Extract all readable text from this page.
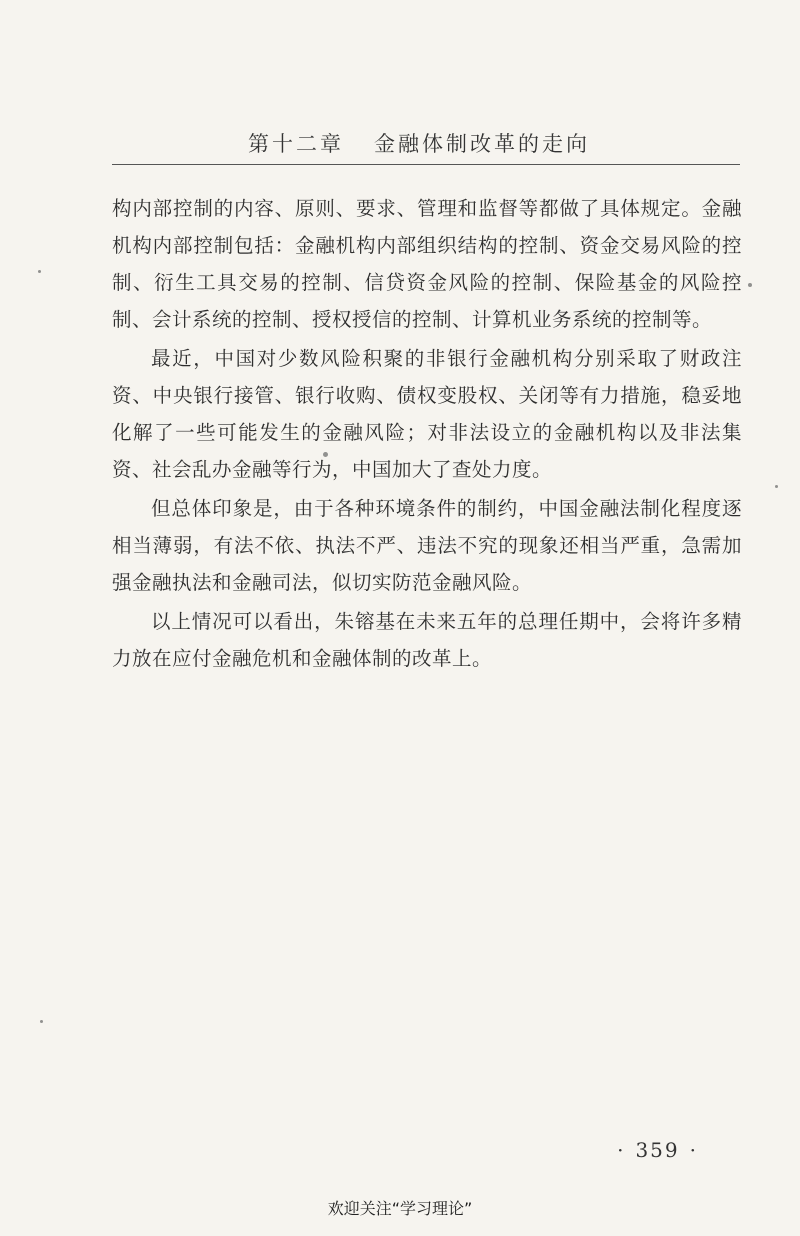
第十二章 金融体制改革的走向

构内部控制的内容、原则、要求、管理和监督等都做了具体规定。金融机构内部控制包括：金融机构内部组织结构的控制、资金交易风险的控制、衍生工具交易的控制、信贷资金风险的控制、保险基金的风险控制、会计系统的控制、授权授信的控制、计算机业务系统的控制等。

最近，中国对少数风险积聚的非银行金融机构分别采取了财政注资、中央银行接管、银行收购、债权变股权、关闭等有力措施，稳妥地化解了一些可能发生的金融风险；对非法设立的金融机构以及非法集资、社会乱办金融等行为，中国加大了查处力度。

但总体印象是，由于各种环境条件的制约，中国金融法制化程度逐相当薄弱，有法不依、执法不严、违法不究的现象还相当严重，急需加强金融执法和金融司法，似切实防范金融风险。

以上情况可以看出，朱镕基在未来五年的总理任期中，会将许多精力放在应付金融危机和金融体制的改革上。

· 359 ·
欢迎关注“学习理论”
